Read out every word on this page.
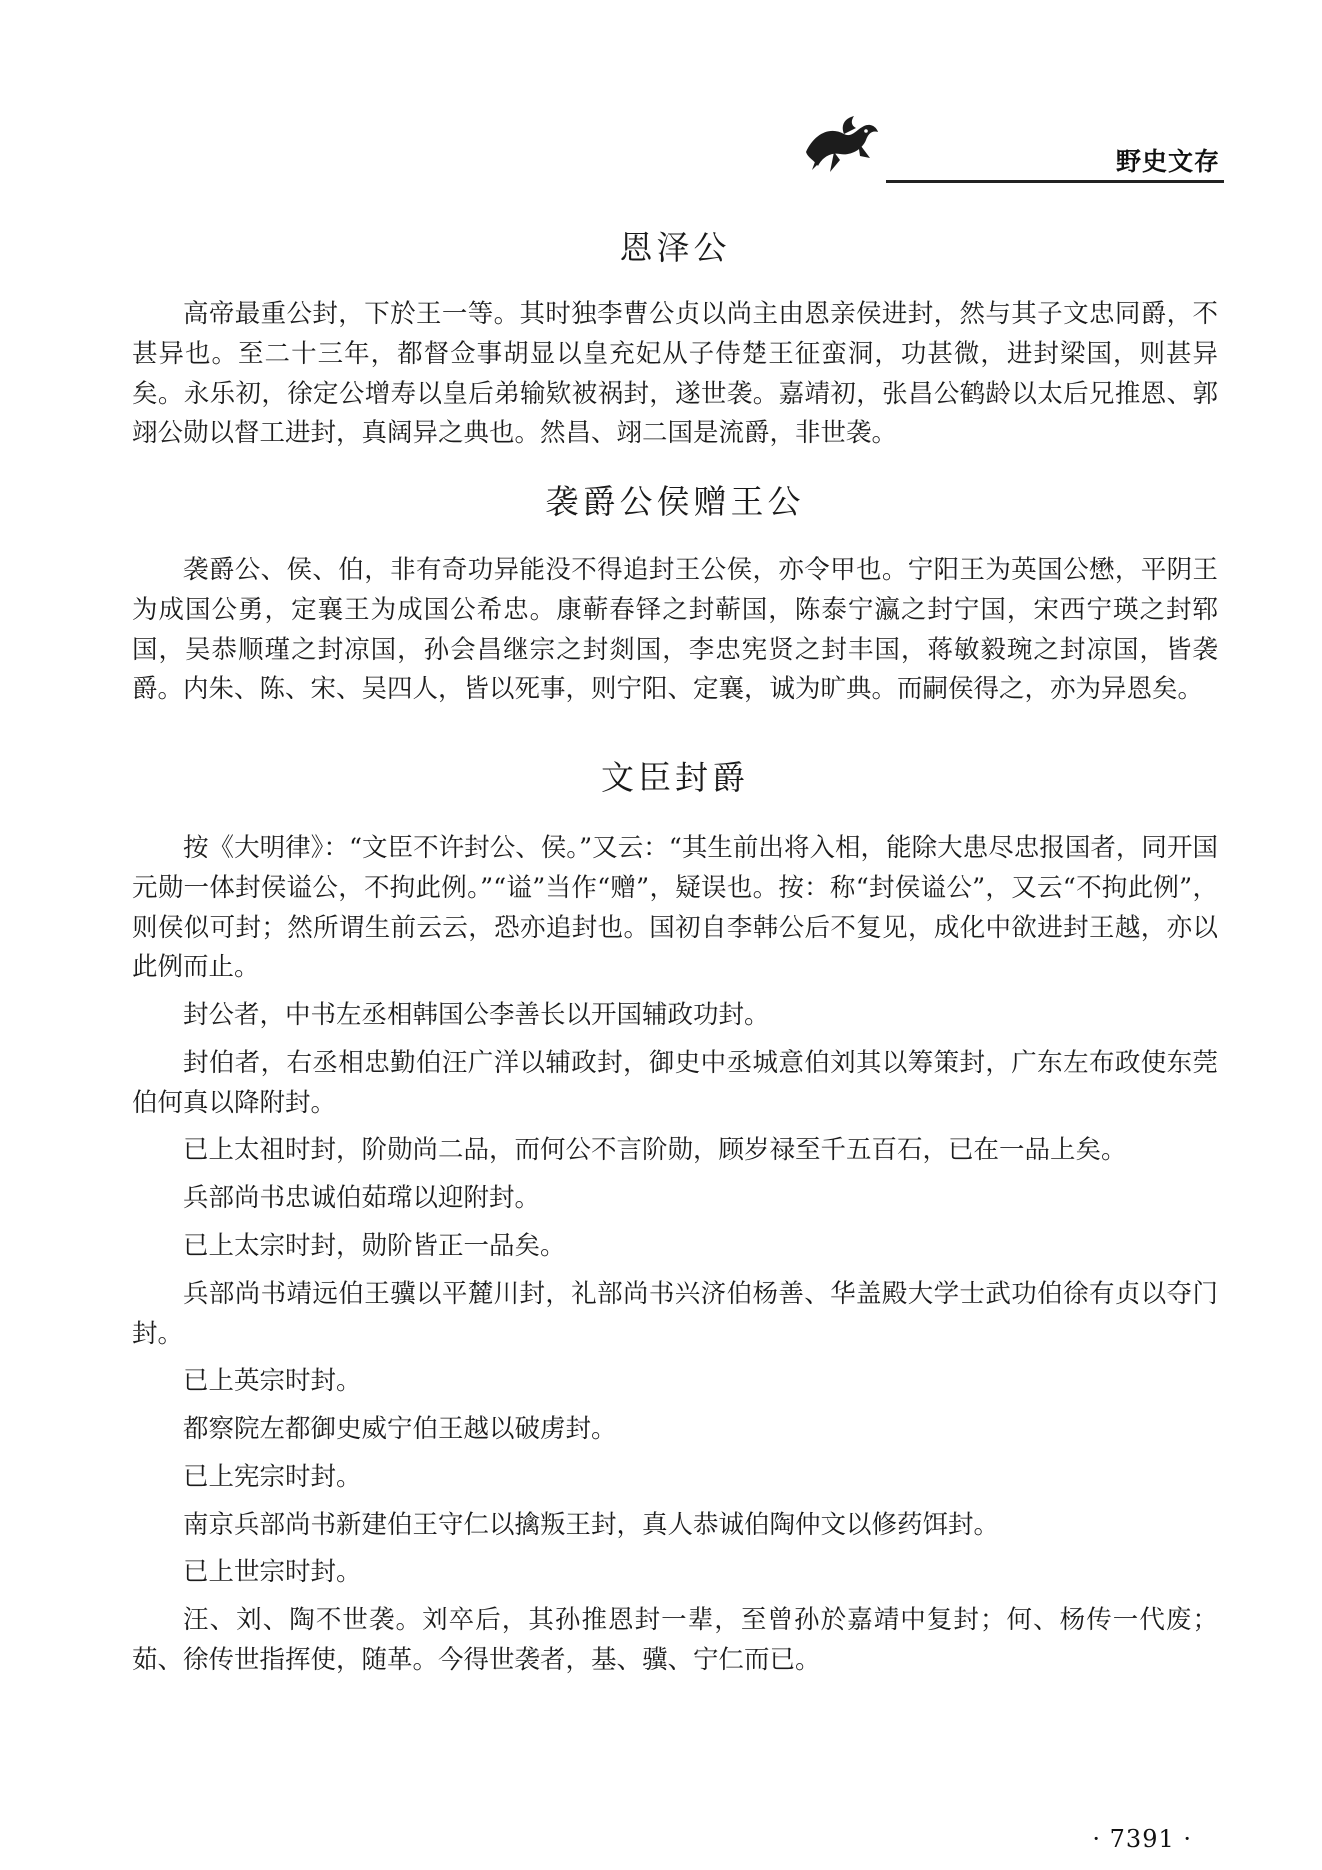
野史文存
恩泽公

高帝最重公封，下於王一等。其时独李曹公贞以尚主由恩亲侯进封，然与其子文忠同爵，不甚异也。至二十三年，都督佥事胡显以皇充妃从子侍楚王征蛮洞，功甚微，进封梁国，则甚异矣。永乐初，徐定公增寿以皇后弟输欵被祸封，遂世袭。嘉靖初，张昌公鹤龄以太后兄推恩、郭翊公勋以督工进封，真阔异之典也。然昌、翊二国是流爵，非世袭。

袭爵公侯赠王公

袭爵公、侯、伯，非有奇功异能没不得追封王公侯，亦令甲也。宁阳王为英国公懋，平阴王为成国公勇，定襄王为成国公希忠。康蕲春铎之封蕲国，陈泰宁瀛之封宁国，宋西宁瑛之封郓国，吴恭顺瑾之封凉国，孙会昌继宗之封剡国，李忠宪贤之封丰国，蒋敏毅琬之封凉国，皆袭爵。内朱、陈、宋、吴四人，皆以死事，则宁阳、定襄，诚为旷典。而嗣侯得之，亦为异恩矣。

文臣封爵

按《大明律》：“文臣不许封公、侯。”又云：“其生前出将入相，能除大患尽忠报国者，同开国元勋一体封侯谥公，不拘此例。”“谥”当作“赠”，疑误也。按：称“封侯谥公”，又云“不拘此例”，则侯似可封；然所谓生前云云，恐亦追封也。国初自李韩公后不复见，成化中欲进封王越，亦以此例而止。

封公者，中书左丞相韩国公李善长以开国辅政功封。

封伯者，右丞相忠勤伯汪广洋以辅政封，御史中丞城意伯刘其以筹策封，广东左布政使东莞伯何真以降附封。

已上太祖时封，阶勋尚二品，而何公不言阶勋，顾岁禄至千五百石，已在一品上矣。

兵部尚书忠诚伯茹瑺以迎附封。

已上太宗时封，勋阶皆正一品矣。

兵部尚书靖远伯王骥以平麓川封，礼部尚书兴济伯杨善、华盖殿大学士武功伯徐有贞以夺门封。

已上英宗时封。

都察院左都御史威宁伯王越以破虏封。

已上宪宗时封。

南京兵部尚书新建伯王守仁以擒叛王封，真人恭诚伯陶仲文以修药饵封。

已上世宗时封。

汪、刘、陶不世袭。刘卒后，其孙推恩封一辈，至曾孙於嘉靖中复封；何、杨传一代废；茹、徐传世指挥使，随革。今得世袭者，基、骥、宁仁而已。

· 7391 ·
